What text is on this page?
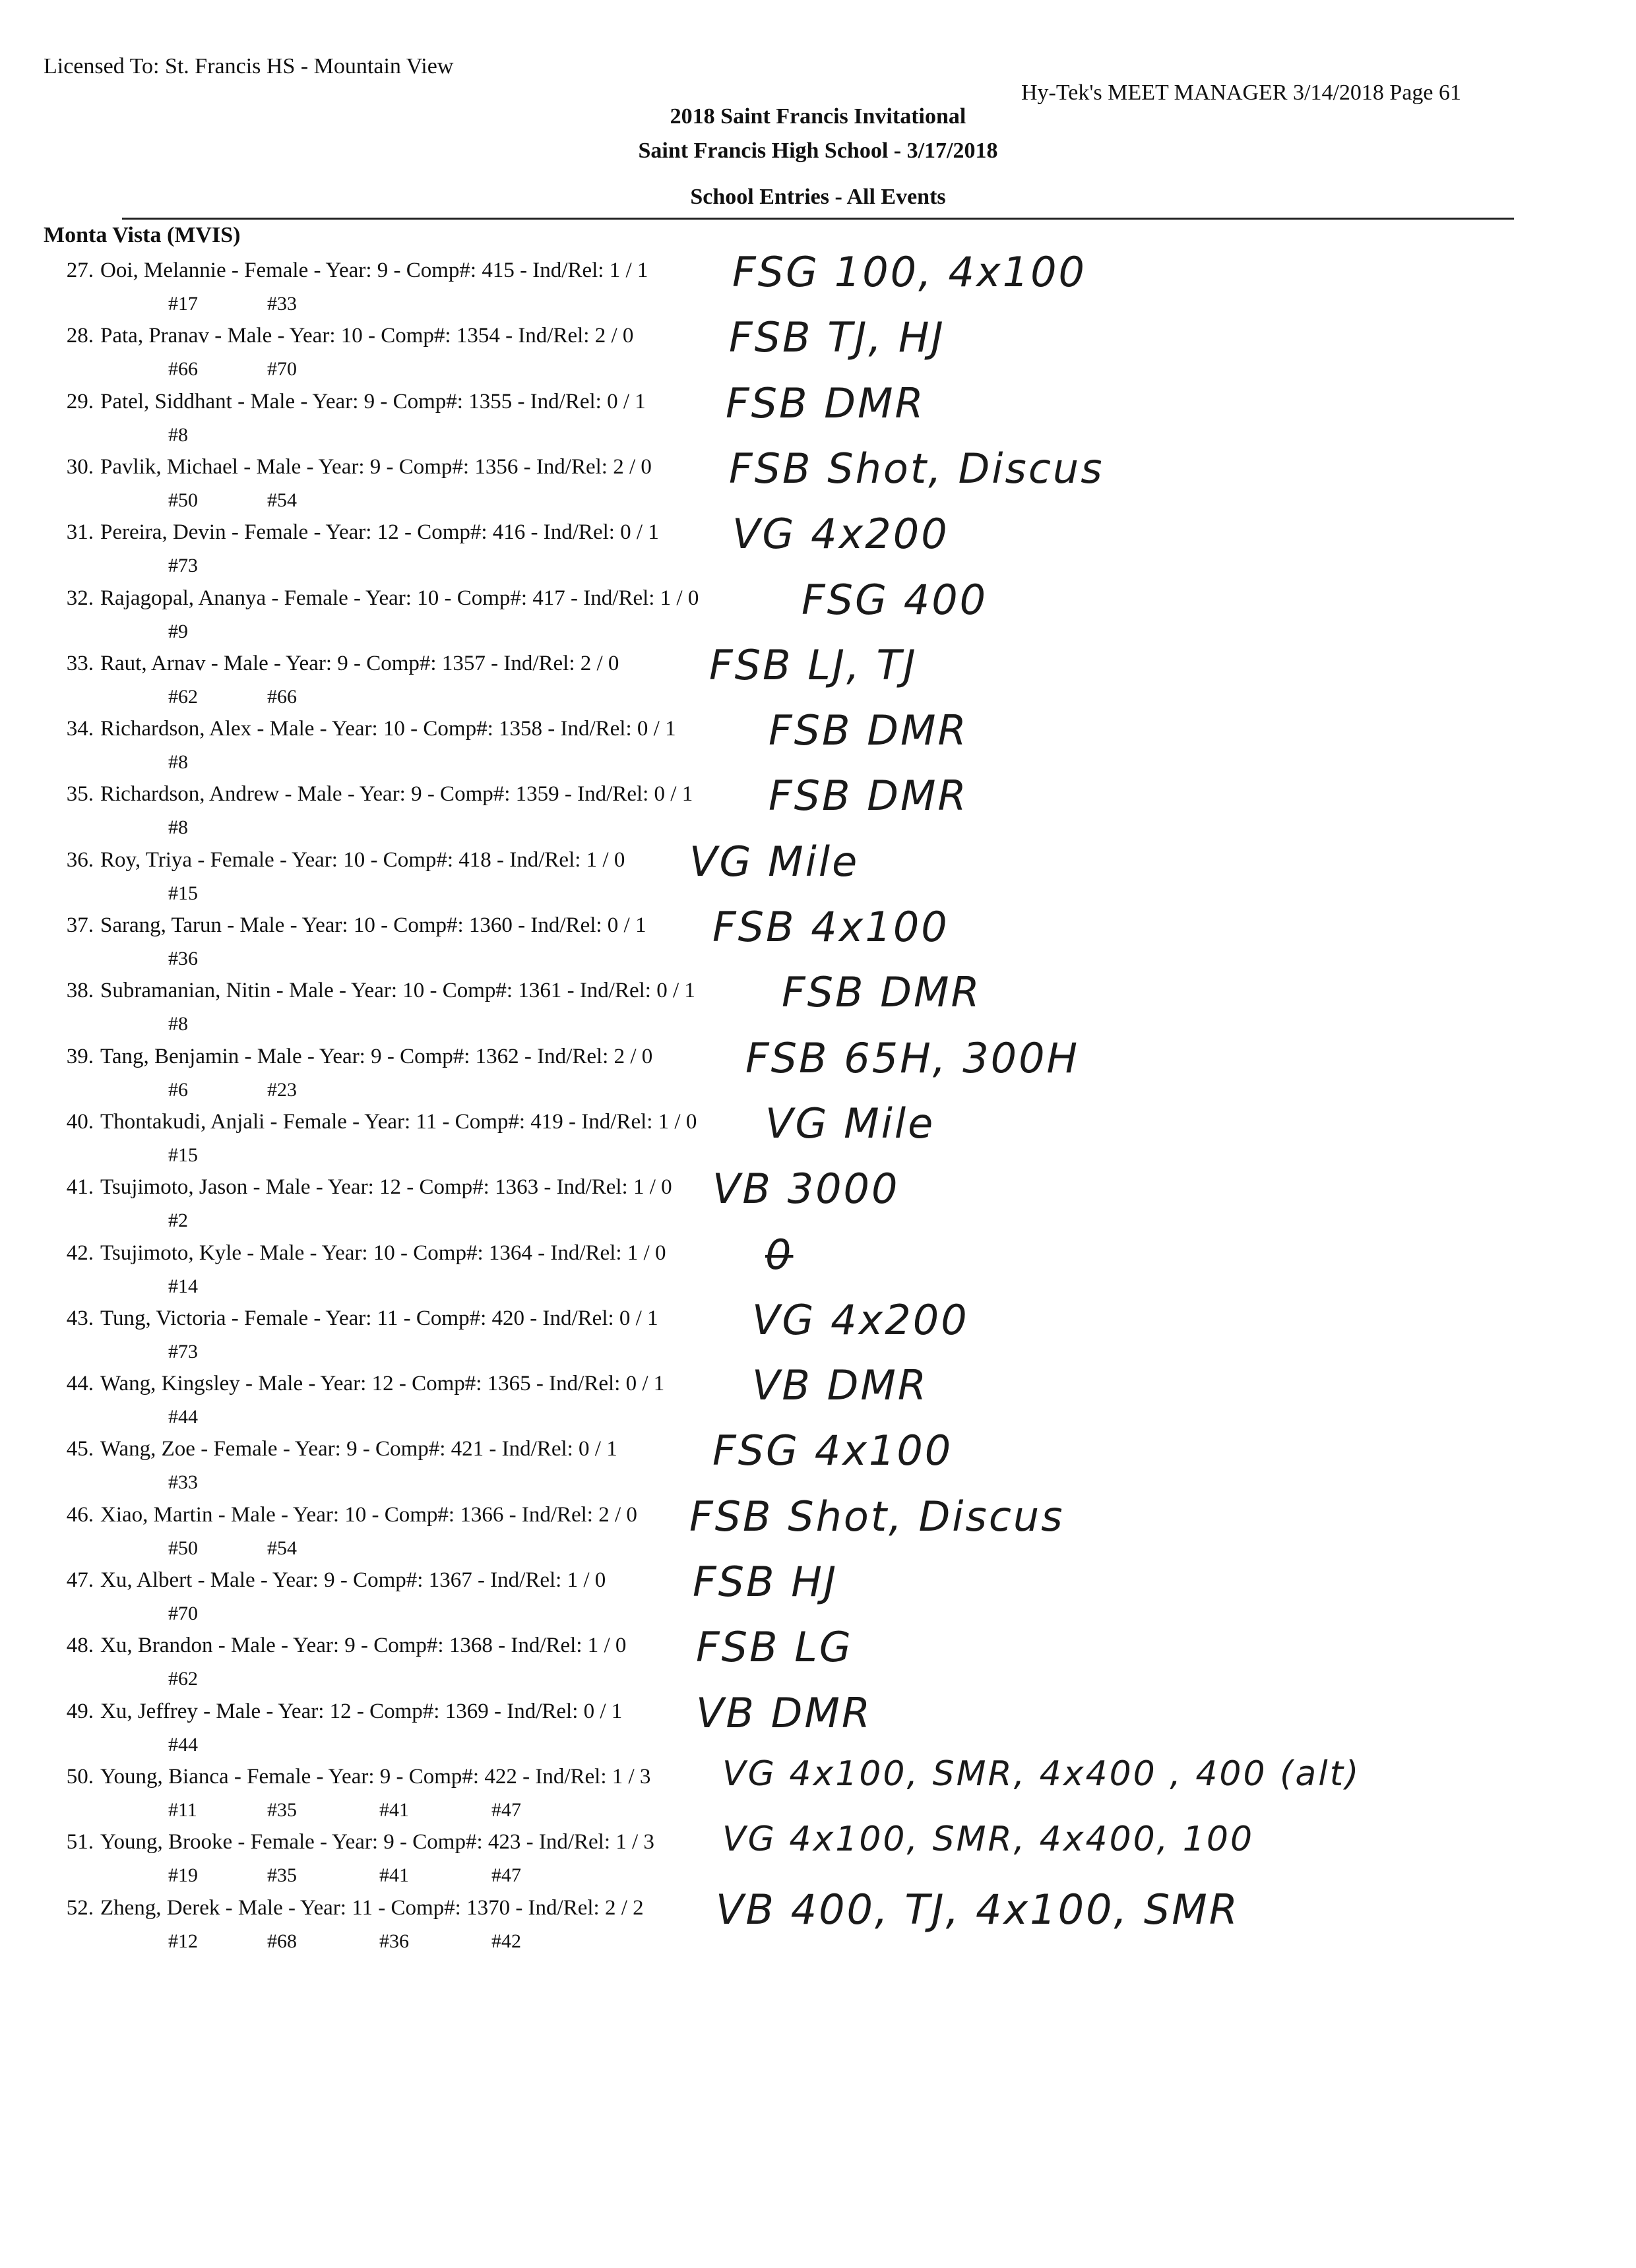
Licensed To: St. Francis HS - Mountain View
Hy-Tek's MEET MANAGER 3/14/2018 Page 61
2018 Saint Francis Invitational
Saint Francis High School - 3/17/2018
School Entries - All Events
Monta Vista (MVIS)
27. Ooi, Melannie - Female - Year: 9 - Comp#: 415 - Ind/Rel: 1 / 1
#17	#33
FSG 100, 4x100
28. Pata, Pranav - Male - Year: 10 - Comp#: 1354 - Ind/Rel: 2 / 0
#66	#70
FSB TJ, HJ
29. Patel, Siddhant - Male - Year: 9 - Comp#: 1355 - Ind/Rel: 0 / 1
#8
FSB DMR
30. Pavlik, Michael - Male - Year: 9 - Comp#: 1356 - Ind/Rel: 2 / 0
#50	#54
FSB Shot, Discus
31. Pereira, Devin - Female - Year: 12 - Comp#: 416 - Ind/Rel: 0 / 1
#73
VG 4x200
32. Rajagopal, Ananya - Female - Year: 10 - Comp#: 417 - Ind/Rel: 1 / 0
#9
FSG 400
33. Raut, Arnav - Male - Year: 9 - Comp#: 1357 - Ind/Rel: 2 / 0
#62	#66
FSB LJ, TJ
34. Richardson, Alex - Male - Year: 10 - Comp#: 1358 - Ind/Rel: 0 / 1
#8
FSB DMR
35. Richardson, Andrew - Male - Year: 9 - Comp#: 1359 - Ind/Rel: 0 / 1
#8
FSB DMR
36. Roy, Triya - Female - Year: 10 - Comp#: 418 - Ind/Rel: 1 / 0
#15
VG Mile
37. Sarang, Tarun - Male - Year: 10 - Comp#: 1360 - Ind/Rel: 0 / 1
#36
FSB 4x100
38. Subramanian, Nitin - Male - Year: 10 - Comp#: 1361 - Ind/Rel: 0 / 1
#8
FSB DMR
39. Tang, Benjamin - Male - Year: 9 - Comp#: 1362 - Ind/Rel: 2 / 0
#6	#23
FSB 65H, 300H
40. Thontakudi, Anjali - Female - Year: 11 - Comp#: 419 - Ind/Rel: 1 / 0
#15
VG Mile
41. Tsujimoto, Jason - Male - Year: 12 - Comp#: 1363 - Ind/Rel: 1 / 0
#2
VB 3000
42. Tsujimoto, Kyle - Male - Year: 10 - Comp#: 1364 - Ind/Rel: 1 / 0
#14
0
43. Tung, Victoria - Female - Year: 11 - Comp#: 420 - Ind/Rel: 0 / 1
#73
VG 4x200
44. Wang, Kingsley - Male - Year: 12 - Comp#: 1365 - Ind/Rel: 0 / 1
#44
VB DMR
45. Wang, Zoe - Female - Year: 9 - Comp#: 421 - Ind/Rel: 0 / 1
#33
FSG 4x100
46. Xiao, Martin - Male - Year: 10 - Comp#: 1366 - Ind/Rel: 2 / 0
#50	#54
FSB Shot, Discus
47. Xu, Albert - Male - Year: 9 - Comp#: 1367 - Ind/Rel: 1 / 0
#70
FSB HJ
48. Xu, Brandon - Male - Year: 9 - Comp#: 1368 - Ind/Rel: 1 / 0
#62
FSB LG
49. Xu, Jeffrey - Male - Year: 12 - Comp#: 1369 - Ind/Rel: 0 / 1
#44
VB DMR
50. Young, Bianca - Female - Year: 9 - Comp#: 422 - Ind/Rel: 1 / 3
#11	#35	#41	#47
VG 4x100, SMR, 4x400 , 400 (alt)
51. Young, Brooke - Female - Year: 9 - Comp#: 423 - Ind/Rel: 1 / 3
#19	#35	#41	#47
VG 4x100, SMR, 4x400, 100
52. Zheng, Derek - Male - Year: 11 - Comp#: 1370 - Ind/Rel: 2 / 2
#12	#68	#36	#42
VB 400, TJ, 4x100, SMR
